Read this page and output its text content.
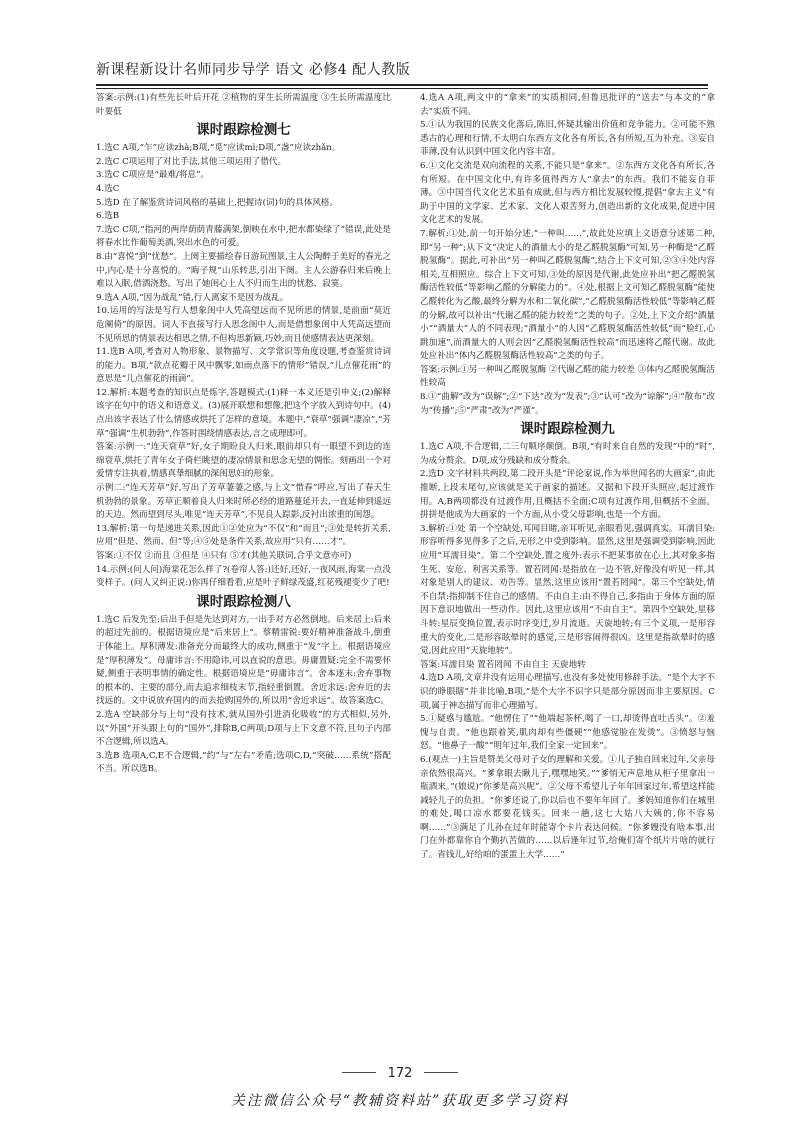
新课程新设计名师同步导学 语文 必修4 配人教版

答案:示例:(1)有些先长叶后开花 ②植物的芽生长所需温度 ③生长所需温度比叶要低

课时跟踪检测七

1.选C A项,“乍”应读zhà;B项,“觅”应读mì;D项,“盏”应读zhǎn。

2.选C C项运用了对比手法,其他三项运用了借代。

3.选C C项应是“最难/将息”。

4.选C

5.选D 在了解鉴赏诗词风格的基础上,把握诗(词)句的具体风格。

6.选B

7.选C C项,“指河的两岸荫荫青藤满架,倒映在水中,把水都染绿了”错误,此处是将春水比作葡萄美酒,突出水色的可爱。

8.由“喜悦”到“忧愁”。上阕主要描绘春日游玩图景,主人公陶醉于美好的春光之中,内心是十分喜悦的。“晦子规”山乐转悲,引出下阕。主人公游春归来后晚上难以入眠,借酒浇愁。写出了她闺心上人不归而生出的忧愁、寂寞。

9.选A A项,“因为战乱”错,行人离家不是因为战乱。

10.运用的写法是写行人想象闺中人凭高望远而不见所思的情景,是前面“莫近危阑倚”的原因。词人不直接写行人思念闺中人,而是借想象闺中人凭高远望而不见所思的情景表达相思之情,不但构思新颖,巧妙,而且使感情表达更深刻。

11.选B A项,考查对人物形象、景物描写、文学常识等角度设题,考查鉴赏诗词的能力。B项,“款点花瓣于风中飘零,如雨点落下的情形”错误,“儿点催花雨”的意思是“儿点催花的雨滴”。

12.解析:本题考查的知识点是炼字,答题模式:(1)释一本义还是引申义;(2)解释该字在句中的语义和语意义。(3)展开联想和想像,把这个字放入到诗句中。(4)点出该字表达了什么情感或烘托了怎样的意境。本题中,“衰草”强调“凄凉”,“芳草”强调“生机勃勃”,作答时围绕情感表达,言之成理即可。

答案:示例一:“连天衰草”好,女子期盼良人归来,眼前却只有一眼望不到边的连绵衰草,烘托了青年女子倚栏眺望的凄凉情景和思念无望的惆怅。刻画出一个对爱情专注执着,情感真挚细腻的深闺思妇的形象。

示例二:“连天芳草”好,写出了芳草萋萋之感,与上文“惜春”呼应,写出了春天生机勃勃的景象。芳草正顺着良人归来时所必经的道路蔓延开去,一直延伸到遥远的天边。然而望到尽头,唯见“连天芳草”,不见良人踪影,反衬出浓重的闺怨。

13.解析:第一句是递进关系,因此①②处应为“不仅”和“而且”;③处是转折关系,应用“但是、然而、但”等;④⑤处是条件关系,故应用“只有……才”。

答案:①不仅 ②而且 ③但是 ④只有 ⑤才(其他关联词,合乎文意亦可)

14.示例:(问人问)海棠花怎么样了?(卷帘人答:)还好,还好,一夜风雨,海棠一点没变样子。(问人又纠正说:)你再仔细看看,应是叶子鲜绿茂盛,红花残褪变少了吧!

课时跟踪检测八

1.选C 后发先至:后出手但是先达到对方,一出手对方必然倒地。后来居上:后来的超过先前的。根据语境应是“后来居上”。蔡精雷锐:要好精神准备战斗,倒重于体能上。厚积薄发:准备充分而最终大的成功,侧重于“发”字上。根据语境应是“厚积薄发”。母庸讳言:不用隐讳,可以直说的意思。毋庸置疑:完全不需要怀疑,侧重于表明事情的确定性。根据语境应是“毋庸讳言”。舍本逐末:舍弃事物的根本的、主要的部分,而去追求细枝末节,指轻重倒置。舍近求远:舍弃近的去找远的。文中说放弃国内的而去抢购国外的,所以用“舍近求远”。故答案选C。

2.选A 空缺部分与上句“没有技术,就从国外引进消化吸收”的方式相似,另外,以“外国”开头跟上句的“国外”,排除B,C两项;D项与上下文意不符,且句子内部不合逻辑,所以选A。

3.选B 选项A,C,E不合逻辑,“约”与“左右”矛盾;选项C,D,“突破……系统”搭配不当。所以选B。

4.选A A项,两文中的“拿来”的实质相同,但鲁迅批评的“送去”与本文的“拿去”实质不同。

5.①认为我国的民族文化落后,陈旧,怀疑其输出价值和竞争能力。②可能不熟悉古的心理和行情,不太明白东西方文化各有所长,各有所短,互为补充。③妄自菲薄,没有认识到中国文化内容丰富。

6.①文化交流是双向流程的关系,不能只是“拿来”。②东西方文化各有所长,各有所短。在中国文化中,有许多值得西方人“拿去”的东西。我们不能妄自菲薄。③中国当代文化艺术虽有成就,但与西方相比发展较慢,提倡“拿去主义”有助于中国的文学家、艺术家、文化人艰苦努力,创造出新的文化成果,促进中国文化艺术的发展。

7.解析:①处,前一句开始分述,“一种叫……”,故此处应填上文语意分述第二种,即“另一种”;从下文“决定人的酒量大小的是乙醛脱氢酶”可知,另一种酶是“乙醛脱氢酶”。据此,可补出“另一种叫乙醛脱氢酶”,结合上下文可知,②③④处内容相关,互相照应。综合上下文可知,③处的原因是代谢,此处应补出“把乙醛脱氢酶活性较低”等影响乙醛的分解能力的”。④处,根据上文可知乙醛脱氢酶“能使乙醛转化为乙酸,最终分解为水和二氧化碳”,“乙醛脱氢酶活性较低”等影响乙醛的分解,故可以补出“代谢乙醛的能力较差”之类的句子。②处,上下文介绍“酒量小”“酒量大”人的不同表现;“酒量小”的人因“乙醛脱氢酶活性较低”而“脸红,心跳加速”,而酒量大的人则会因“乙醛脱氢酶活性较高”而迅速将乙醛代谢。故此处应补出“体内乙醛脱氢酶活性较高”之类的句子。

答案:示例:①另一种叫乙醛脱氢酶 ②代谢乙醛的能力较差 ③体内乙醛脱氢酶活性较高

8.①“曲解”改为“误解”;②“下达”改为“发表”;③“认可”改为“谅解”;④“散布”改为“传播”;⑤“严肃”改为“严谨”。

课时跟踪检测九

1.选C A项,不合逻辑,二三句顺序颠倒。B项,“有时来自自然的发现”中的“时”,为成分赘余。D项,成分残缺和成分赘余。

2.选D 文字材料共两段,第二段开头是“评论家说,作为举世闻名的大画家”,由此推断,上段末尾句,应该就是关于画家的描述。又据和下段开头照应,起过渡作用。A,B两项都没有过渡作用,且概括不全面;C项有过渡作用,但概括不全面。拼拼是他成为大画家的一个方面,从小受父母影响,也是一个方面。

3.解析:①处 第一个空缺处,耳闻目睹,亲耳听见,亲眼看见,强调真实。耳濡目染:形容听得多见得多了之后,无形之中受到影响。显然,这里是强调受到影响,因此应用“耳濡目染”。第二个空缺处,置之度外:表示不把某事放在心上,其对象多指生死、安危、利害关系等。置若罔闻:是指放在一边不管,好像没有听见一样,其对象是别人的建议、劝告等。显然,这里应该用“置若罔闻”。第三个空缺处,情不自禁:指抑制不住自己的感情。不由自主:由不得自己,多指由于身体方面的原因下意识地做出一些动作。因此,这里应该用“不由自主”。第四个空缺处,星移斗转:星辰变换位置,表示时序变迁,岁月流逝。天旋地转;有三个义项,一是形容重大的变化,二是形容眩晕时的感觉,三是形容闹得很凶。这里是指欲晕时的感觉,因此应用“天旋地转”。

答案:耳濡目染 置若罔闻 不由自主 天旋地转

4.选D A项,文章并没有运用心理描写,也没有多处使用修辞手法。“是个大字不识的睁眼瞎”并非比喻,B项,“是个大字不识字只是部分原因而非主要原因。C项,属于神态描写而非心理描写。

5.①疑惑与尴尬。“他愣住了”“他端起茶杯,喝了一口,却烫得直吐舌头”。②羞愧与自责。“他也跟着笑,肌肉却有些僵硬”“他感觉脸在发烫”。③愤怒与恼怒。“他鼻子一酸”“明年过年,我们全家一定回来”。

6.(观点一)主旨是赞美父母对子女的理解和关爱。①儿子独自回来过年,父亲母亲依然很高兴。“爹拿眼去瞅儿子,嘿嘿地笑。”“爹悄无声息地从柜子里拿出一瓶酒来。”(娘说)“你爹是高兴呢”。②父母不希望儿子年年回家过年,希望这样能减轻儿子的负担。“你爹还说了,你以后也不要年年回了。爹妈知道你们在城里的难处,喝口凉水都要花钱买。回来一趟,这七大姑八大姨的,你不容易啊……”③满足了儿孙在过年时能寄个卡片表达问候。“你爹嫂没有啥本事,出门在外都靠你自个勤扒苦做的……以后逢年过节,给俺们寄个纸片片啥的就行了。省钱儿,好给咱的蛋蛋上大学……”

172
关注微信公众号“教辅资料站”获取更多学习资料
